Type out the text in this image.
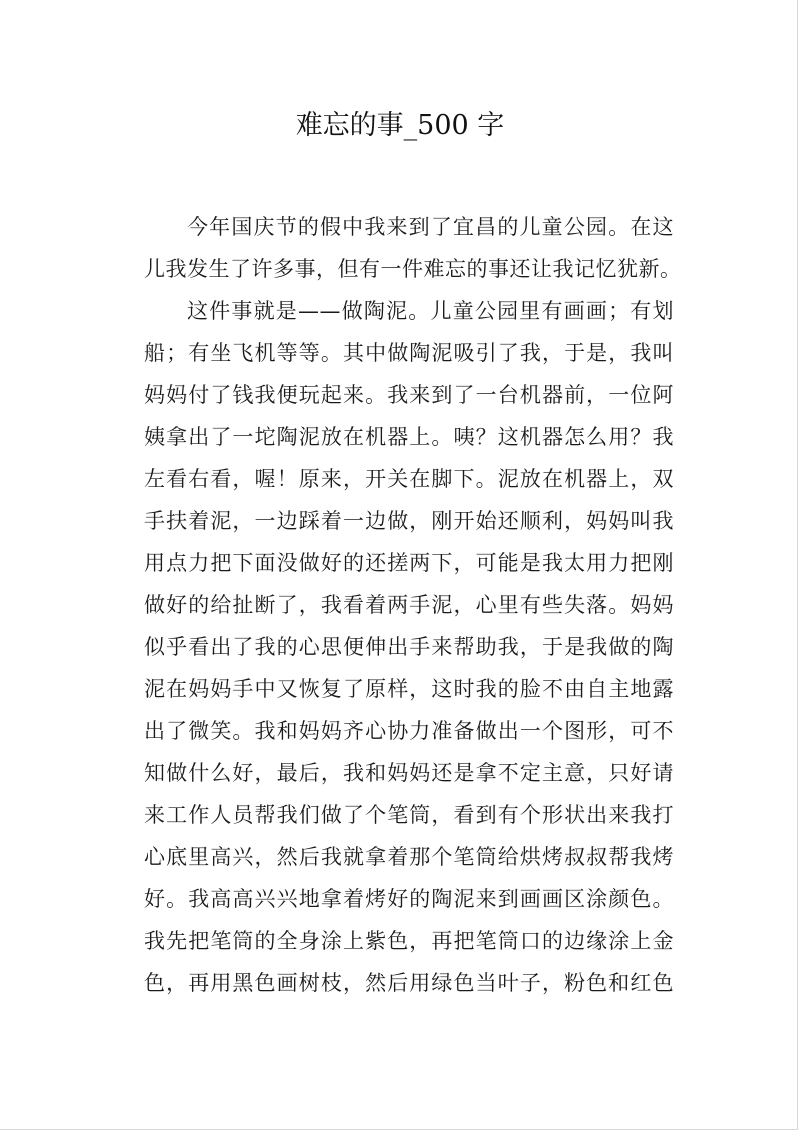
难忘的事_500 字
今年国庆节的假中我来到了宜昌的儿童公园。在这
儿我发生了许多事，但有一件难忘的事还让我记忆犹新。
这件事就是——做陶泥。儿童公园里有画画；有划
船；有坐飞机等等。其中做陶泥吸引了我，于是，我叫
妈妈付了钱我便玩起来。我来到了一台机器前，一位阿
姨拿出了一坨陶泥放在机器上。咦？这机器怎么用？我
左看右看，喔！原来，开关在脚下。泥放在机器上，双
手扶着泥，一边踩着一边做，刚开始还顺利，妈妈叫我
用点力把下面没做好的还搓两下，可能是我太用力把刚
做好的给扯断了，我看着两手泥，心里有些失落。妈妈
似乎看出了我的心思便伸出手来帮助我，于是我做的陶
泥在妈妈手中又恢复了原样，这时我的脸不由自主地露
出了微笑。我和妈妈齐心协力准备做出一个图形，可不
知做什么好，最后，我和妈妈还是拿不定主意，只好请
来工作人员帮我们做了个笔筒，看到有个形状出来我打
心底里高兴，然后我就拿着那个笔筒给烘烤叔叔帮我烤
好。我高高兴兴地拿着烤好的陶泥来到画画区涂颜色。
我先把笔筒的全身涂上紫色，再把笔筒口的边缘涂上金
色，再用黑色画树枝，然后用绿色当叶子，粉色和红色
